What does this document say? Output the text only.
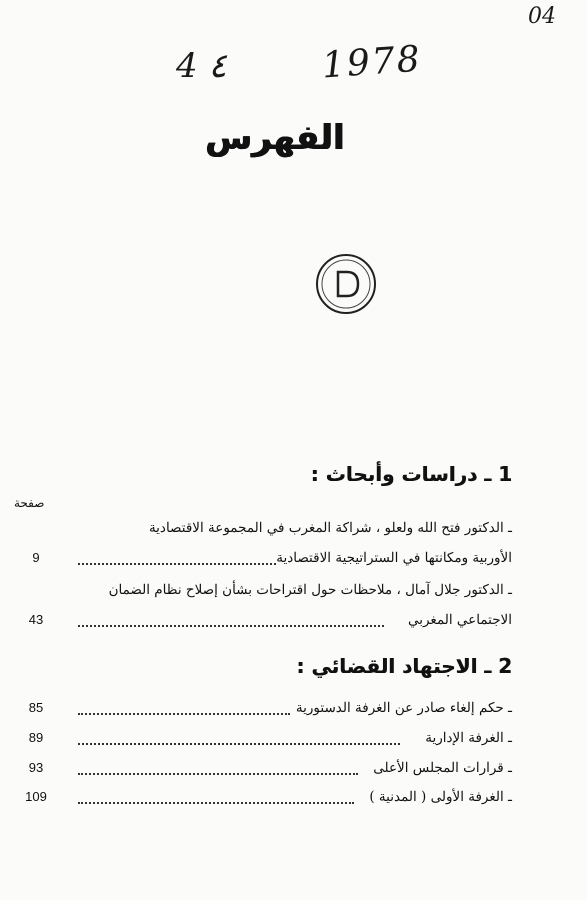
04
4 ٤	1978
الفهرس
1 ـ دراسات وأبحاث :
صفحة
ـ الدكتور فتح الله ولعلو ، شراكة المغرب في المجموعة الاقتصادية
الأوربية ومكانتها في الستراتيجية الاقتصادية
9
ـ الدكتور جلال آمال ، ملاحظات حول اقتراحات بشأن إصلاح نظام الضمان
الاجتماعي المغربي
43
2 ـ الاجتهاد القضائي :
ـ حكم إلغاء صادر عن الغرفة الدستورية
85
ـ الغرفة الإدارية
89
ـ قرارات المجلس الأعلى
93
ـ الغرفة الأولى ( المدنية )
109
